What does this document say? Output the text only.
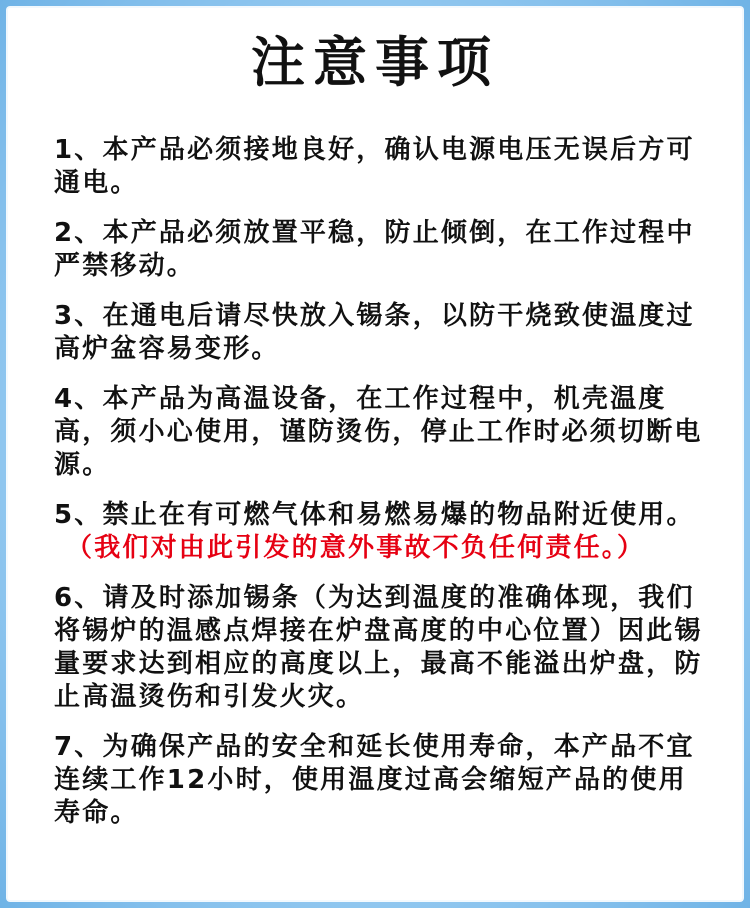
注意事项
1、本产品必须接地良好，确认电源电压无误后方可通电。
2、本产品必须放置平稳，防止倾倒，在工作过程中严禁移动。
3、在通电后请尽快放入锡条，以防干烧致使温度过高炉盆容易变形。
4、本产品为高温设备，在工作过程中，机壳温度高，须小心使用，谨防烫伤，停止工作时必须切断电源。
5、禁止在有可燃气体和易燃易爆的物品附近使用。
（我们对由此引发的意外事故不负任何责任。）
6、请及时添加锡条（为达到温度的准确体现，我们将锡炉的温感点焊接在炉盘高度的中心位置）因此锡量要求达到相应的高度以上，最高不能溢出炉盘，防止高温烫伤和引发火灾。
7、为确保产品的安全和延长使用寿命，本产品不宜连续工作12小时，使用温度过高会缩短产品的使用寿命。
